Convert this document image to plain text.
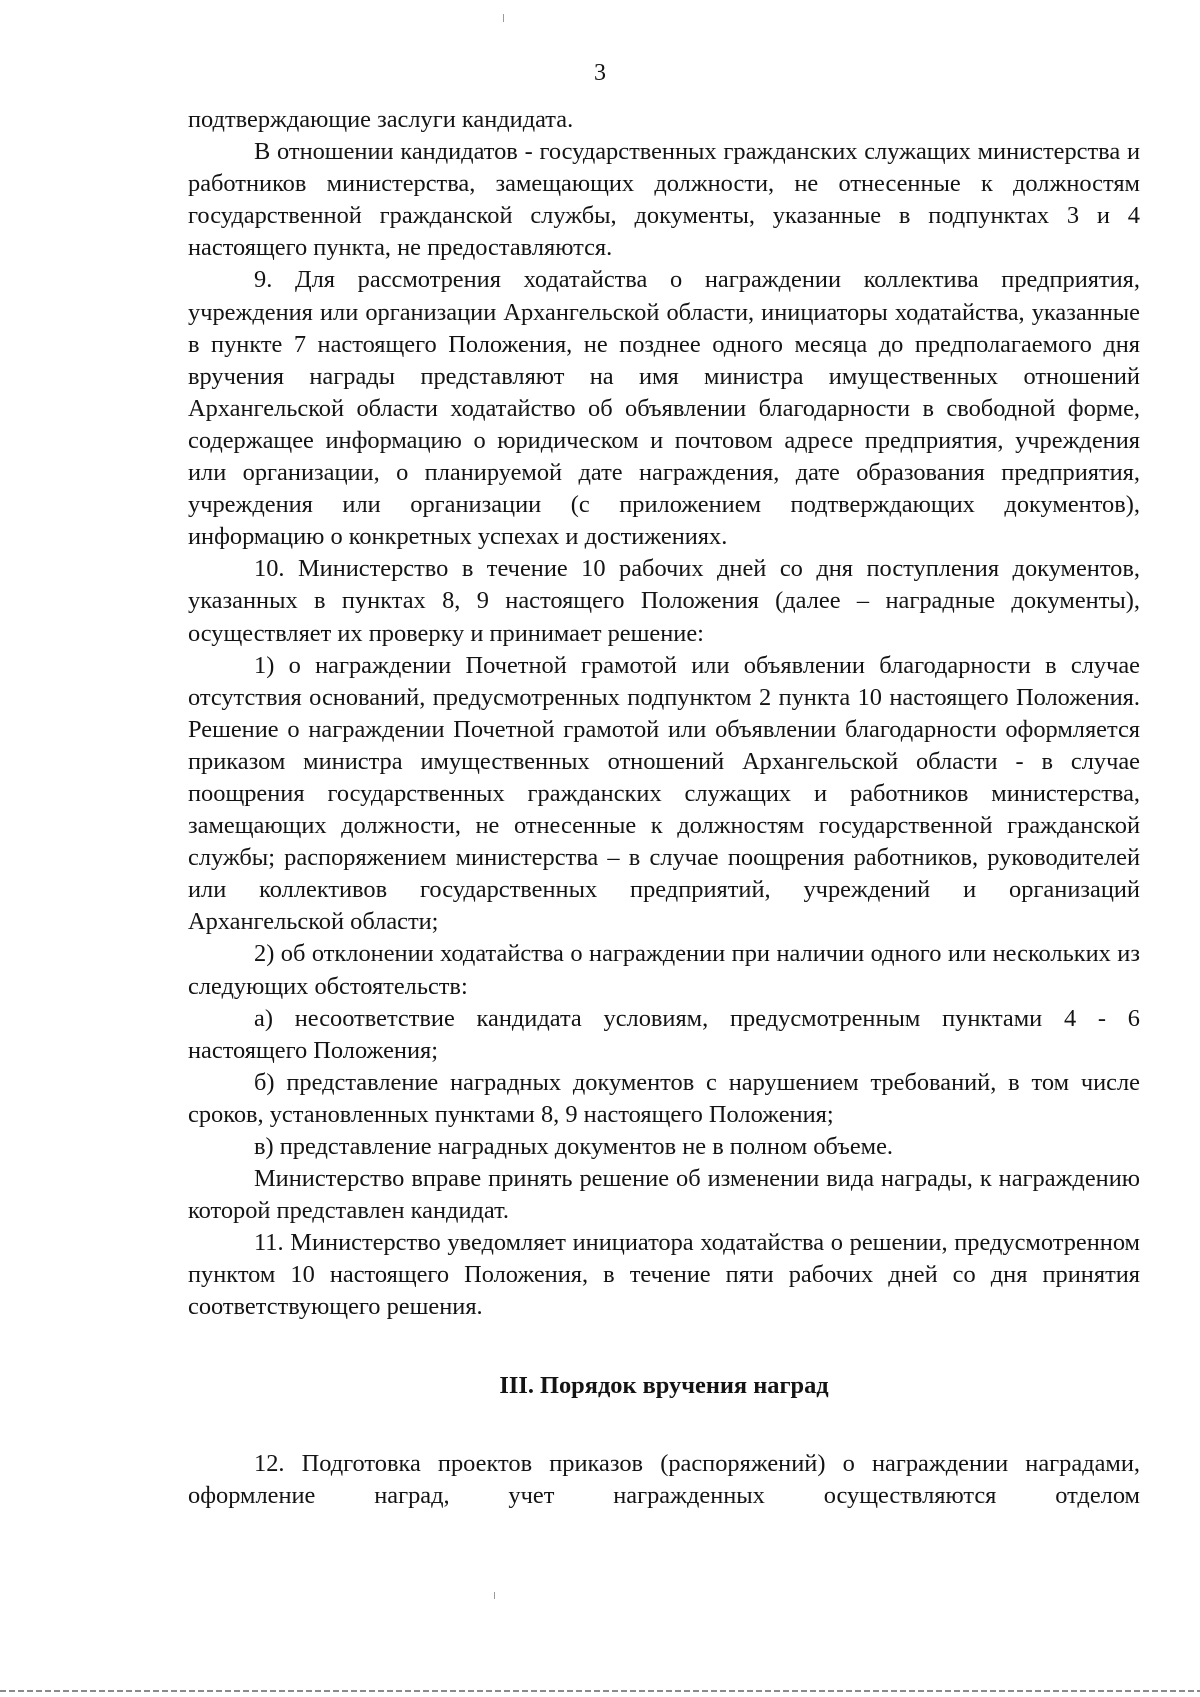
3

подтверждающие заслуги кандидата.

В отношении кандидатов - государственных гражданских служащих министерства и работников министерства, замещающих должности, не отнесенные к должностям государственной гражданской службы, документы, указанные в подпунктах 3 и 4 настоящего пункта, не предоставляются.

9. Для рассмотрения ходатайства о награждении коллектива предприятия, учреждения или организации Архангельской области, инициаторы ходатайства, указанные в пункте 7 настоящего Положения, не позднее одного месяца до предполагаемого дня вручения награды представляют на имя министра имущественных отношений Архангельской области ходатайство об объявлении благодарности в свободной форме, содержащее информацию о юридическом и почтовом адресе предприятия, учреждения или организации, о планируемой дате награждения, дате образования предприятия, учреждения или организации (с приложением подтверждающих документов), информацию о конкретных успехах и достижениях.

10. Министерство в течение 10 рабочих дней со дня поступления документов, указанных в пунктах 8, 9 настоящего Положения (далее – наградные документы), осуществляет их проверку и принимает решение:

1) о награждении Почетной грамотой или объявлении благодарности в случае отсутствия оснований, предусмотренных подпунктом 2 пункта 10 настоящего Положения. Решение о награждении Почетной грамотой или объявлении благодарности оформляется приказом министра имущественных отношений Архангельской области - в случае поощрения государственных гражданских служащих и работников министерства, замещающих должности, не отнесенные к должностям государственной гражданской службы; распоряжением министерства – в случае поощрения работников, руководителей или коллективов государственных предприятий, учреждений и организаций Архангельской области;

2) об отклонении ходатайства о награждении при наличии одного или нескольких из следующих обстоятельств:

а) несоответствие кандидата условиям, предусмотренным пунктами 4 - 6 настоящего Положения;

б) представление наградных документов с нарушением требований, в том числе сроков, установленных пунктами 8, 9 настоящего Положения;

в) представление наградных документов не в полном объеме.

Министерство вправе принять решение об изменении вида награды, к награждению которой представлен кандидат.

11. Министерство уведомляет инициатора ходатайства о решении, предусмотренном пунктом 10 настоящего Положения, в течение пяти рабочих дней со дня принятия соответствующего решения.

III. Порядок вручения наград

12. Подготовка проектов приказов (распоряжений) о награждении наградами, оформление наград, учет награжденных осуществляются отделом
